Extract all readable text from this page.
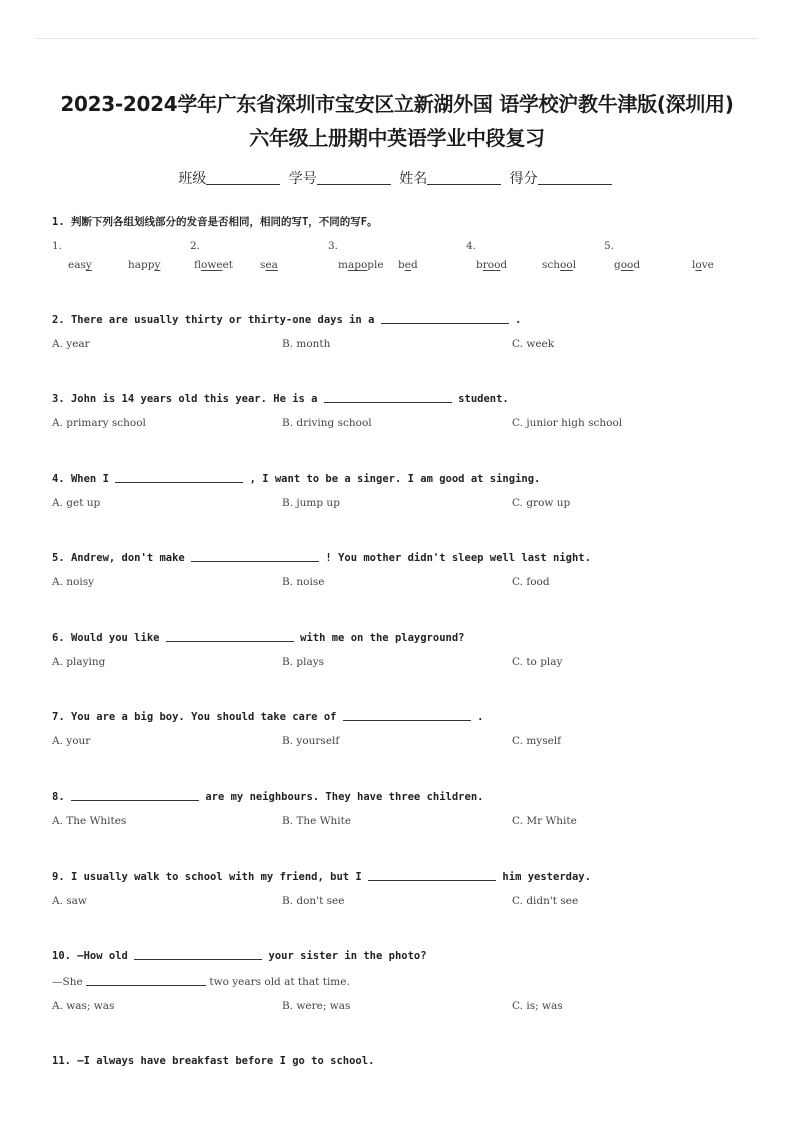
2023-2024学年广东省深圳市宝安区立新湖外国 语学校沪教牛津版(深圳用)
六年级上册期中英语学业中段复习
班级	学号	姓名	得分
1. 判断下列各组划线部分的发音是否相同，相同的写T，不同的写F。
1.	2.	3.	4.	5.
easy	happy	floweet	sea	mapople bed	brood	school	good	love
2. There are usually thirty or thirty-one days in a	.
A. year	B. month	C. week
3. John is 14 years old this year. He is a	student.
A. primary school	B. driving school	C. junior high school
4. When I	, I want to be a singer. I am good at singing.
A. get up	B. jump up	C. grow up
5. Andrew, don't make	! You mother didn't sleep well last night.
A. noisy	B. noise	C. food
6. Would you like	with me on the playground?
A. playing	B. plays	C. to play
7. You are a big boy. You should take care of	.
A. your	B. yourself	C. myself
8.	are my neighbours. They have three children.
A. The Whites	B. The White	C. Mr White
9. I usually walk to school with my friend, but I	him yesterday.
A. saw	B. don't see	C. didn't see
10. —How old	your sister in the photo?
—She	two years old at that time.
A. was; was	B. were; was	C. is; was
11. —I always have breakfast before I go to school.
